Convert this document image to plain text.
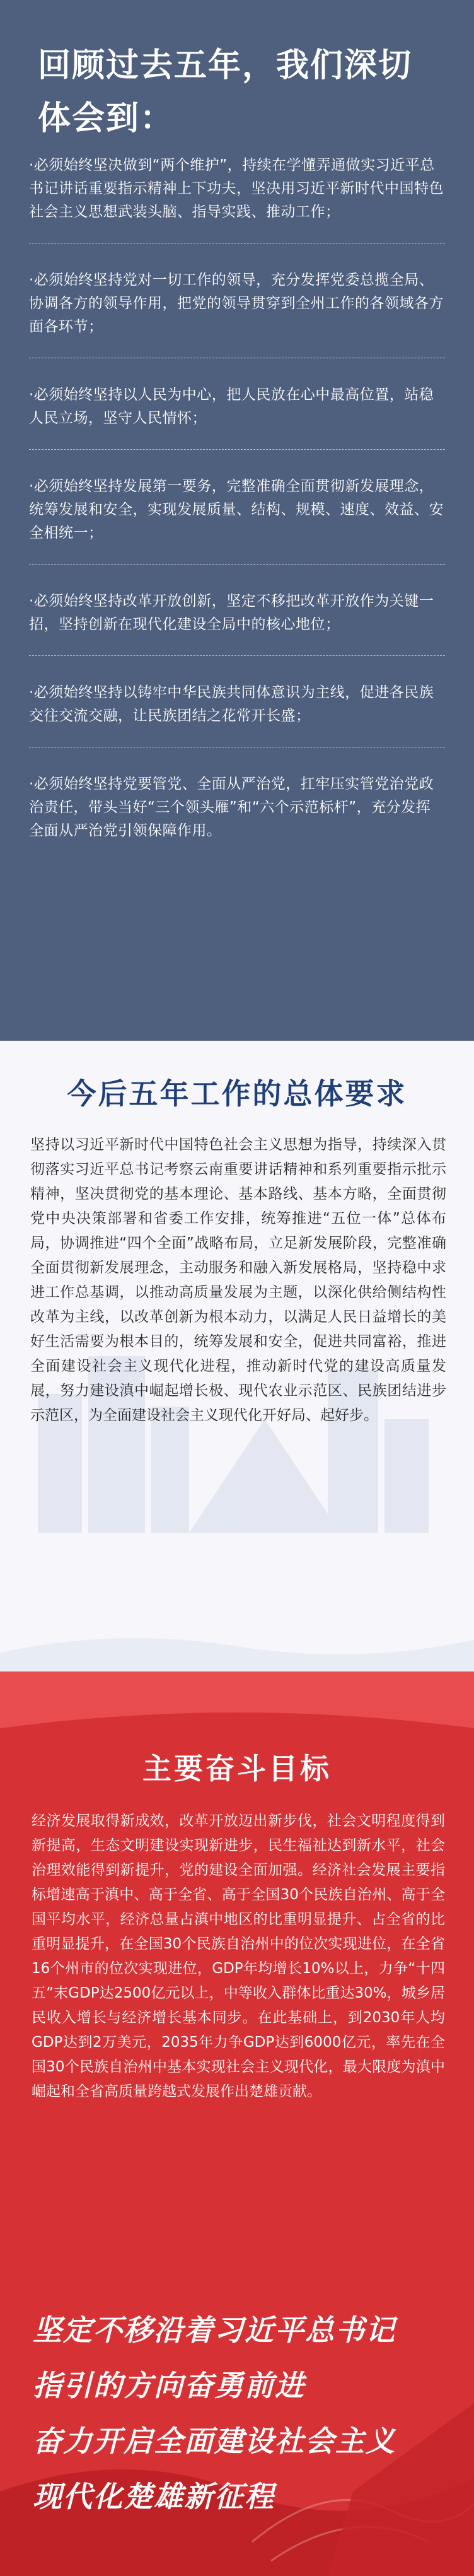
回顾过去五年，我们深切体会到：
·必须始终坚决做到“两个维护”，持续在学懂弄通做实习近平总书记讲话重要指示精神上下功夫，坚决用习近平新时代中国特色社会主义思想武装头脑、指导实践、推动工作；
·必须始终坚持党对一切工作的领导，充分发挥党委总揽全局、协调各方的领导作用，把党的领导贯穿到全州工作的各领域各方面各环节；
·必须始终坚持以人民为中心，把人民放在心中最高位置，站稳人民立场，坚守人民情怀；
·必须始终坚持发展第一要务，完整准确全面贯彻新发展理念，统筹发展和安全，实现发展质量、结构、规模、速度、效益、安全相统一；
·必须始终坚持改革开放创新，坚定不移把改革开放作为关键一招，坚持创新在现代化建设全局中的核心地位；
·必须始终坚持以铸牢中华民族共同体意识为主线，促进各民族交往交流交融，让民族团结之花常开长盛；
·必须始终坚持党要管党、全面从严治党，扛牢压实管党治党政治责任，带头当好“三个领头雁”和“六个示范标杆”，充分发挥全面从严治党引领保障作用。
今后五年工作的总体要求
坚持以习近平新时代中国特色社会主义思想为指导，持续深入贯彻落实习近平总书记考察云南重要讲话精神和系列重要指示批示精神，坚决贯彻党的基本理论、基本路线、基本方略，全面贯彻党中央决策部署和省委工作安排，统筹推进“五位一体”总体布局，协调推进“四个全面”战略布局，立足新发展阶段，完整准确全面贯彻新发展理念，主动服务和融入新发展格局，坚持稳中求进工作总基调，以推动高质量发展为主题，以深化供给侧结构性改革为主线，以改革创新为根本动力，以满足人民日益增长的美好生活需要为根本目的，统筹发展和安全，促进共同富裕，推进全面建设社会主义现代化进程，推动新时代党的建设高质量发展，努力建设滇中崛起增长极、现代农业示范区、民族团结进步示范区，为全面建设社会主义现代化开好局、起好步。
主要奋斗目标
经济发展取得新成效，改革开放迈出新步伐，社会文明程度得到新提高，生态文明建设实现新进步，民生福祉达到新水平，社会治理效能得到新提升，党的建设全面加强。经济社会发展主要指标增速高于滇中、高于全省、高于全国30个民族自治州、高于全国平均水平，经济总量占滇中地区的比重明显提升、占全省的比重明显提升，在全国30个民族自治州中的位次实现进位，在全省16个州市的位次实现进位，GDP年均增长10%以上，力争“十四五”末GDP达2500亿元以上，中等收入群体比重达30%，城乡居民收入增长与经济增长基本同步。在此基础上，到2030年人均GDP达到2万美元，2035年力争GDP达到6000亿元，率先在全国30个民族自治州中基本实现社会主义现代化，最大限度为滇中崛起和全省高质量跨越式发展作出楚雄贡献。
坚定不移沿着习近平总书记
指引的方向奋勇前进
奋力开启全面建设社会主义
现代化楚雄新征程
